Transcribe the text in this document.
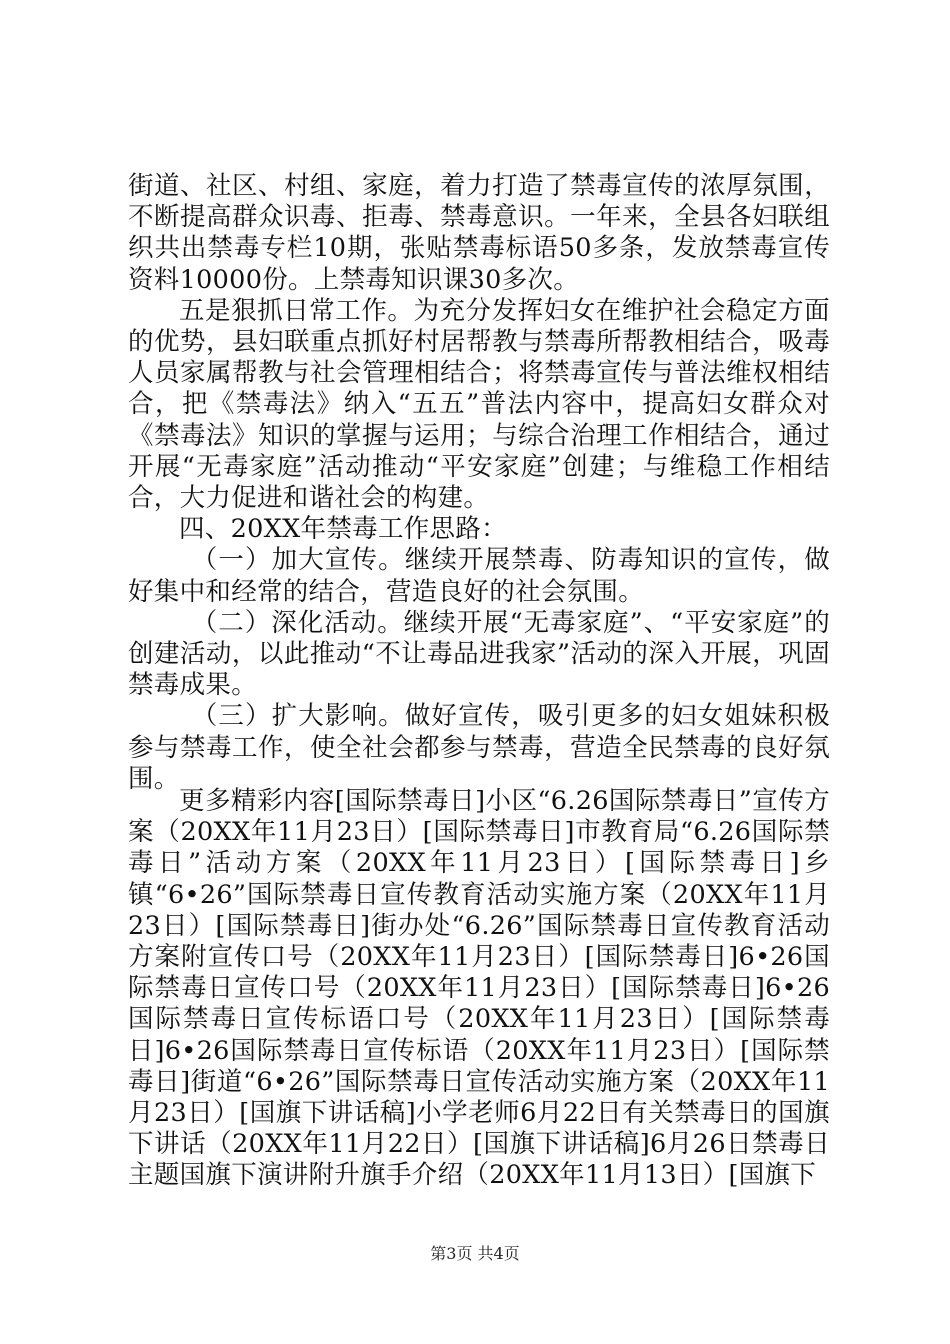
街道、社区、村组、家庭，着力打造了禁毒宣传的浓厚氛围，不断提高群众识毒、拒毒、禁毒意识。一年来，全县各妇联组织共出禁毒专栏10期，张贴禁毒标语50多条，发放禁毒宣传资料10000份。上禁毒知识课30多次。

五是狠抓日常工作。为充分发挥妇女在维护社会稳定方面的优势，县妇联重点抓好村居帮教与禁毒所帮教相结合，吸毒人员家属帮教与社会管理相结合；将禁毒宣传与普法维权相结合，把《禁毒法》纳入“五五”普法内容中，提高妇女群众对《禁毒法》知识的掌握与运用；与综合治理工作相结合，通过开展“无毒家庭”活动推动“平安家庭”创建；与维稳工作相结合，大力促进和谐社会的构建。

四、20XX年禁毒工作思路：

（一）加大宣传。继续开展禁毒、防毒知识的宣传，做好集中和经常的结合，营造良好的社会氛围。

（二）深化活动。继续开展“无毒家庭”、“平安家庭”的创建活动，以此推动“不让毒品进我家”活动的深入开展，巩固禁毒成果。

（三）扩大影响。做好宣传，吸引更多的妇女姐妹积极参与禁毒工作，使全社会都参与禁毒，营造全民禁毒的良好氛围。

更多精彩内容[国际禁毒日]小区“6.26国际禁毒日”宣传方案（20XX年11月23日）[国际禁毒日]市教育局“6.26国际禁毒日”活动方案（20XX年11月23日）[国际禁毒日]乡镇“6•26”国际禁毒日宣传教育活动实施方案（20XX年11月23日）[国际禁毒日]街办处“6.26”国际禁毒日宣传教育活动方案附宣传口号（20XX年11月23日）[国际禁毒日]6•26国际禁毒日宣传口号（20XX年11月23日）[国际禁毒日]6•26国际禁毒日宣传标语口号（20XX年11月23日）[国际禁毒日]6•26国际禁毒日宣传标语（20XX年11月23日）[国际禁毒日]街道“6•26”国际禁毒日宣传活动实施方案（20XX年11月23日）[国旗下讲话稿]小学老师6月22日有关禁毒日的国旗下讲话（20XX年11月22日）[国旗下讲话稿]6月26日禁毒日主题国旗下演讲附升旗手介绍（20XX年11月13日）[国旗下

第3页 共4页
